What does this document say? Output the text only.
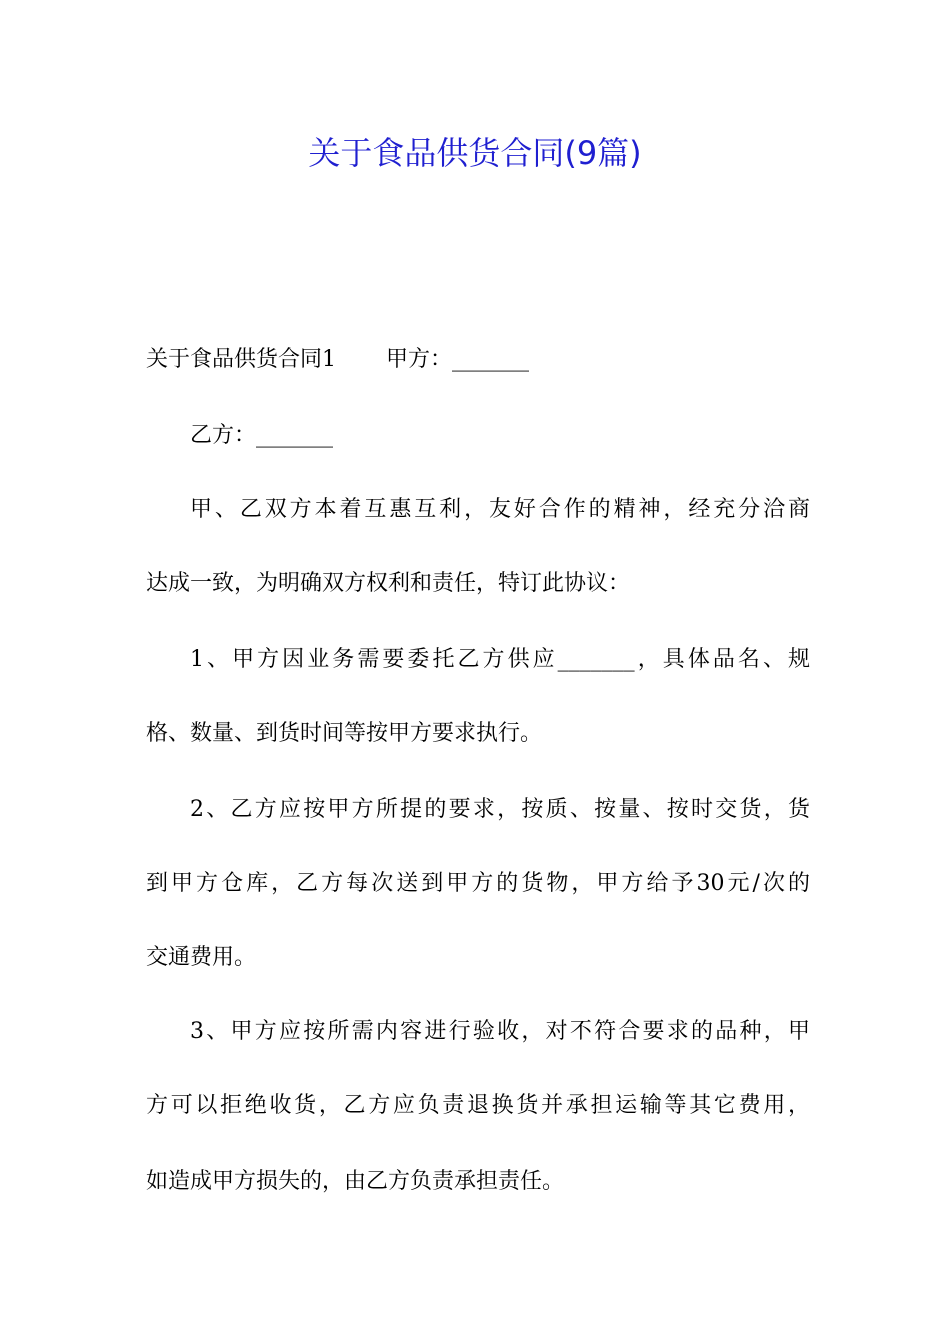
关于食品供货合同(9篇)
关于食品供货合同1 甲方：_______
乙方：_______
甲、乙双方本着互惠互利，友好合作的精神，经充分洽商
达成一致，为明确双方权利和责任，特订此协议：
1、甲方因业务需要委托乙方供应_______，具体品名、规
格、数量、到货时间等按甲方要求执行。
2、乙方应按甲方所提的要求，按质、按量、按时交货，货
到甲方仓库，乙方每次送到甲方的货物，甲方给予30元/次的
交通费用。
3、甲方应按所需内容进行验收，对不符合要求的品种，甲
方可以拒绝收货，乙方应负责退换货并承担运输等其它费用，
如造成甲方损失的，由乙方负责承担责任。
